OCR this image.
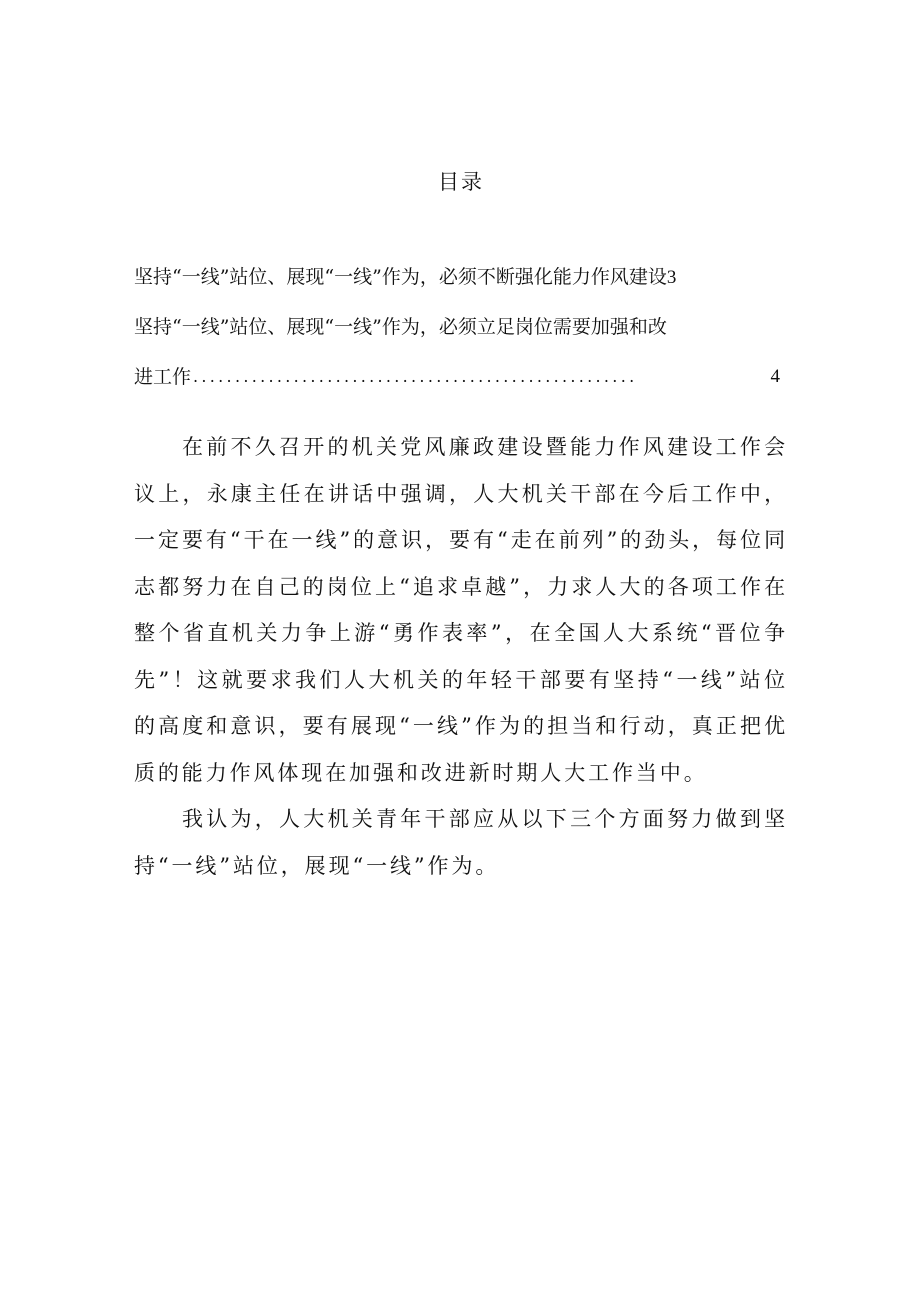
目录
坚持“一线”站位、展现“一线”作为，必须不断强化能力作风建设3
坚持“一线”站位、展现“一线”作为，必须立足岗位需要加强和改
进工作 .....................................................	4

在前不久召开的机关党风廉政建设暨能力作风建设工作会议上，永康主任在讲话中强调，人大机关干部在今后工作中，一定要有“干在一线”的意识，要有“走在前列”的劲头，每位同志都努力在自己的岗位上“追求卓越”，力求人大的各项工作在整个省直机关力争上游“勇作表率”，在全国人大系统“晋位争先”！这就要求我们人大机关的年轻干部要有坚持“一线”站位的高度和意识，要有展现“一线”作为的担当和行动，真正把优质的能力作风体现在加强和改进新时期人大工作当中。

我认为，人大机关青年干部应从以下三个方面努力做到坚持“一线”站位，展现“一线”作为。
